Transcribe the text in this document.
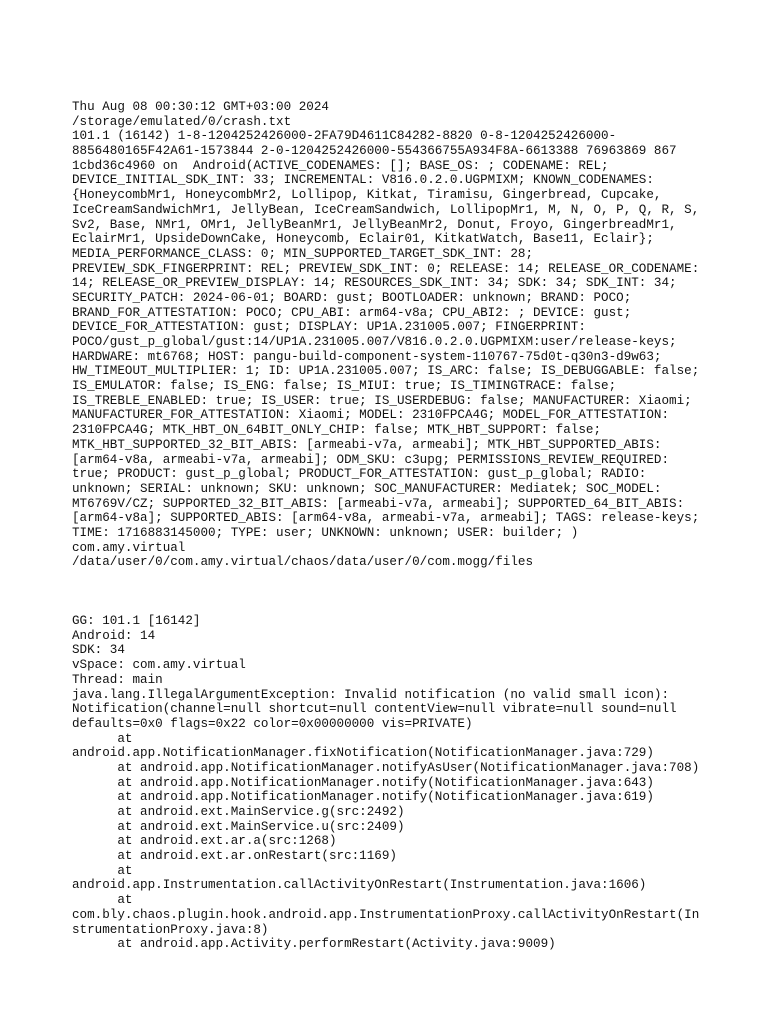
Thu Aug 08 00:30:12 GMT+03:00 2024
/storage/emulated/0/crash.txt
101.1 (16142) 1-8-1204252426000-2FA79D4611C84282-8820 0-8-1204252426000-
8856480165F42A61-1573844 2-0-1204252426000-554366755A934F8A-6613388 76963869 867
1cbd36c4960 on  Android(ACTIVE_CODENAMES: []; BASE_OS: ; CODENAME: REL;
DEVICE_INITIAL_SDK_INT: 33; INCREMENTAL: V816.0.2.0.UGPMIXM; KNOWN_CODENAMES:
{HoneycombMr1, HoneycombMr2, Lollipop, Kitkat, Tiramisu, Gingerbread, Cupcake,
IceCreamSandwichMr1, JellyBean, IceCreamSandwich, LollipopMr1, M, N, O, P, Q, R, S,
Sv2, Base, NMr1, OMr1, JellyBeanMr1, JellyBeanMr2, Donut, Froyo, GingerbreadMr1,
EclairMr1, UpsideDownCake, Honeycomb, Eclair01, KitkatWatch, Base11, Eclair};
MEDIA_PERFORMANCE_CLASS: 0; MIN_SUPPORTED_TARGET_SDK_INT: 28;
PREVIEW_SDK_FINGERPRINT: REL; PREVIEW_SDK_INT: 0; RELEASE: 14; RELEASE_OR_CODENAME:
14; RELEASE_OR_PREVIEW_DISPLAY: 14; RESOURCES_SDK_INT: 34; SDK: 34; SDK_INT: 34;
SECURITY_PATCH: 2024-06-01; BOARD: gust; BOOTLOADER: unknown; BRAND: POCO;
BRAND_FOR_ATTESTATION: POCO; CPU_ABI: arm64-v8a; CPU_ABI2: ; DEVICE: gust;
DEVICE_FOR_ATTESTATION: gust; DISPLAY: UP1A.231005.007; FINGERPRINT:
POCO/gust_p_global/gust:14/UP1A.231005.007/V816.0.2.0.UGPMIXM:user/release-keys;
HARDWARE: mt6768; HOST: pangu-build-component-system-110767-75d0t-q30n3-d9w63;
HW_TIMEOUT_MULTIPLIER: 1; ID: UP1A.231005.007; IS_ARC: false; IS_DEBUGGABLE: false;
IS_EMULATOR: false; IS_ENG: false; IS_MIUI: true; IS_TIMINGTRACE: false;
IS_TREBLE_ENABLED: true; IS_USER: true; IS_USERDEBUG: false; MANUFACTURER: Xiaomi;
MANUFACTURER_FOR_ATTESTATION: Xiaomi; MODEL: 2310FPCA4G; MODEL_FOR_ATTESTATION:
2310FPCA4G; MTK_HBT_ON_64BIT_ONLY_CHIP: false; MTK_HBT_SUPPORT: false;
MTK_HBT_SUPPORTED_32_BIT_ABIS: [armeabi-v7a, armeabi]; MTK_HBT_SUPPORTED_ABIS:
[arm64-v8a, armeabi-v7a, armeabi]; ODM_SKU: c3upg; PERMISSIONS_REVIEW_REQUIRED:
true; PRODUCT: gust_p_global; PRODUCT_FOR_ATTESTATION: gust_p_global; RADIO:
unknown; SERIAL: unknown; SKU: unknown; SOC_MANUFACTURER: Mediatek; SOC_MODEL:
MT6769V/CZ; SUPPORTED_32_BIT_ABIS: [armeabi-v7a, armeabi]; SUPPORTED_64_BIT_ABIS:
[arm64-v8a]; SUPPORTED_ABIS: [arm64-v8a, armeabi-v7a, armeabi]; TAGS: release-keys;
TIME: 1716883145000; TYPE: user; UNKNOWN: unknown; USER: builder; )
com.amy.virtual
/data/user/0/com.amy.virtual/chaos/data/user/0/com.mogg/files
GG: 101.1 [16142]
Android: 14
SDK: 34
vSpace: com.amy.virtual
Thread: main
java.lang.IllegalArgumentException: Invalid notification (no valid small icon):
Notification(channel=null shortcut=null contentView=null vibrate=null sound=null
defaults=0x0 flags=0x22 color=0x00000000 vis=PRIVATE)
at
android.app.NotificationManager.fixNotification(NotificationManager.java:729)
at android.app.NotificationManager.notifyAsUser(NotificationManager.java:708)
at android.app.NotificationManager.notify(NotificationManager.java:643)
at android.app.NotificationManager.notify(NotificationManager.java:619)
at android.ext.MainService.g(src:2492)
at android.ext.MainService.u(src:2409)
at android.ext.ar.a(src:1268)
at android.ext.ar.onRestart(src:1169)
at
android.app.Instrumentation.callActivityOnRestart(Instrumentation.java:1606)
at
com.bly.chaos.plugin.hook.android.app.InstrumentationProxy.callActivityOnRestart(In
strumentationProxy.java:8)
at android.app.Activity.performRestart(Activity.java:9009)
